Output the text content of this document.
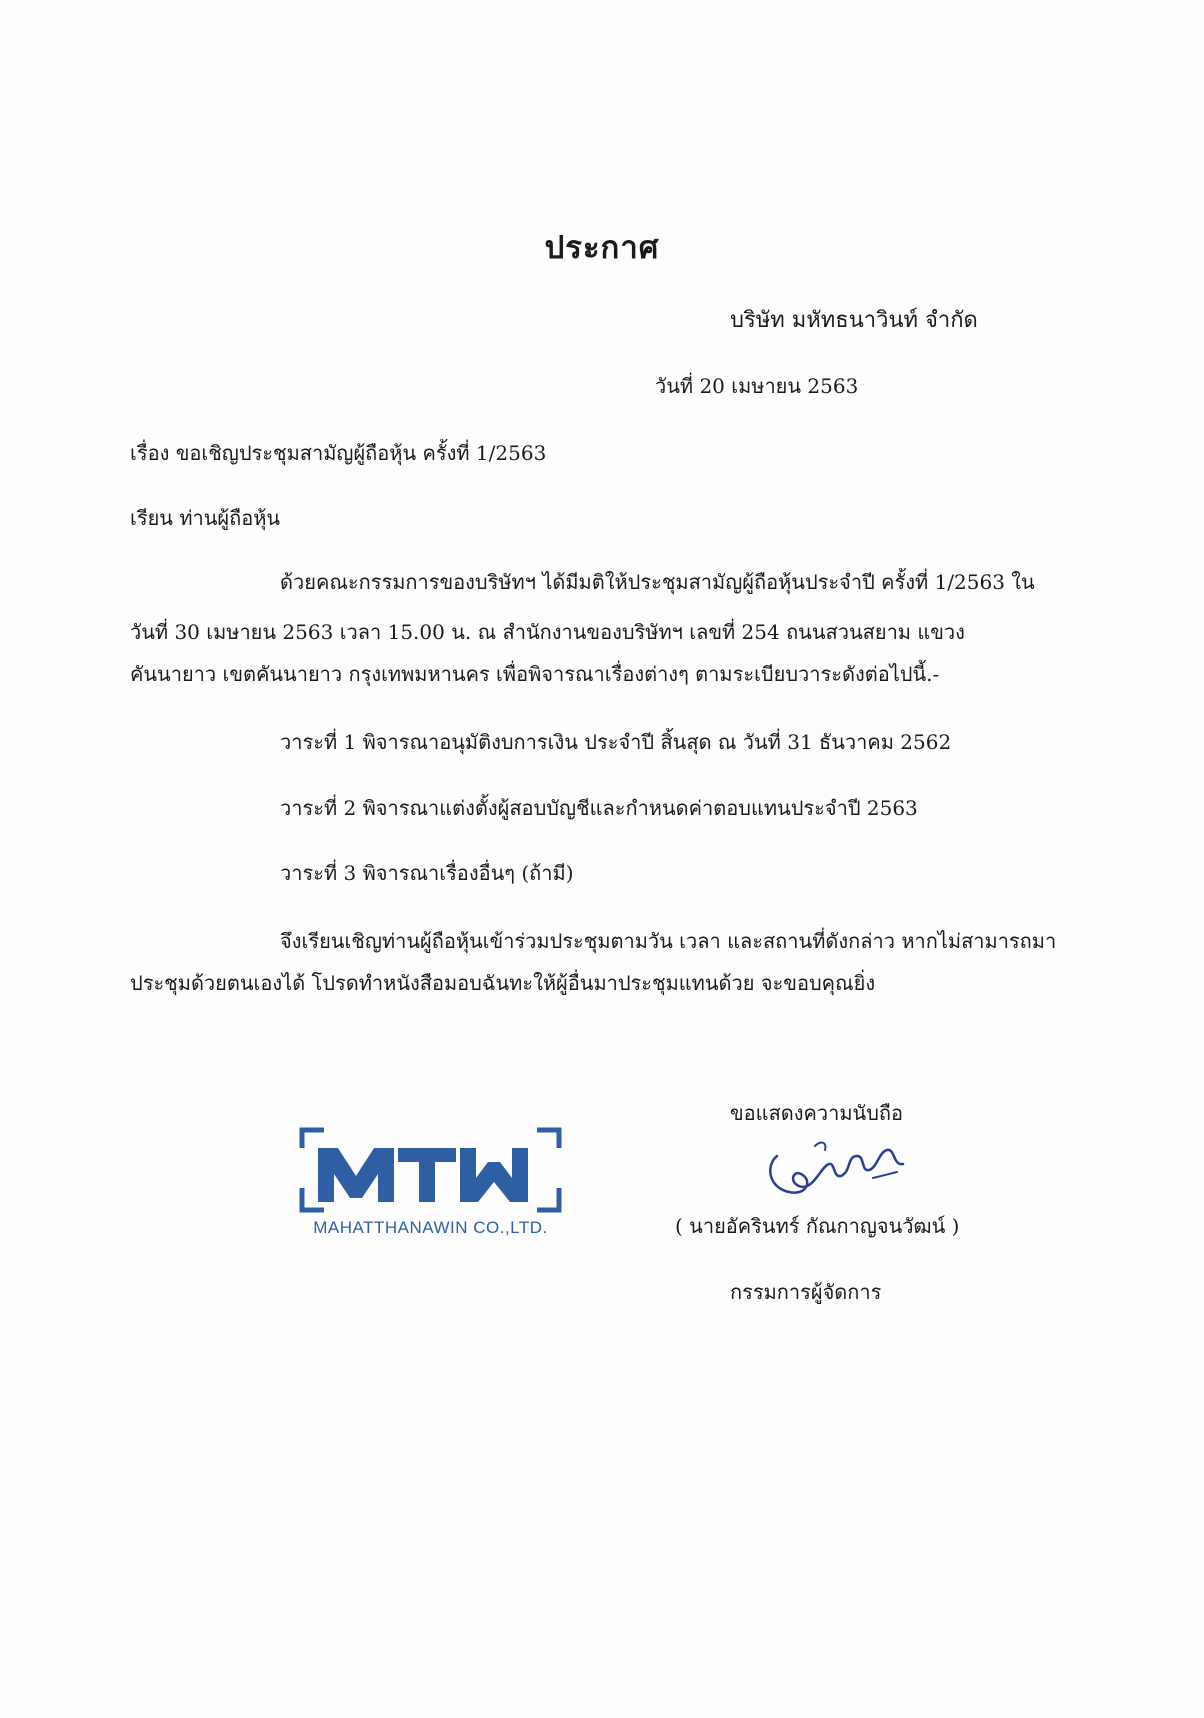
ประกาศ
บริษัท มหัทธนาวินท์ จำกัด
วันที่ 20 เมษายน 2563
เรื่อง ขอเชิญประชุมสามัญผู้ถือหุ้น ครั้งที่ 1/2563
เรียน ท่านผู้ถือหุ้น
ด้วยคณะกรรมการของบริษัทฯ ได้มีมติให้ประชุมสามัญผู้ถือหุ้นประจำปี ครั้งที่ 1/2563 ใน
วันที่ 30 เมษายน 2563 เวลา 15.00 น. ณ สำนักงานของบริษัทฯ เลขที่ 254 ถนนสวนสยาม แขวง
คันนายาว เขตคันนายาว กรุงเทพมหานคร เพื่อพิจารณาเรื่องต่างๆ ตามระเบียบวาระดังต่อไปนี้.-
วาระที่ 1 พิจารณาอนุมัติงบการเงิน ประจำปี สิ้นสุด ณ วันที่ 31 ธันวาคม 2562
วาระที่ 2 พิจารณาแต่งตั้งผู้สอบบัญชีและกำหนดค่าตอบแทนประจำปี 2563
วาระที่ 3 พิจารณาเรื่องอื่นๆ (ถ้ามี)
จึงเรียนเชิญท่านผู้ถือหุ้นเข้าร่วมประชุมตามวัน เวลา และสถานที่ดังกล่าว หากไม่สามารถมา
ประชุมด้วยตนเองได้ โปรดทำหนังสือมอบฉันทะให้ผู้อื่นมาประชุมแทนด้วย จะขอบคุณยิ่ง
ขอแสดงความนับถือ
MAHATTHANAWIN CO.,LTD.	( นายอัครินทร์ กัณกาญจนวัฒน์ )
กรรมการผู้จัดการ
